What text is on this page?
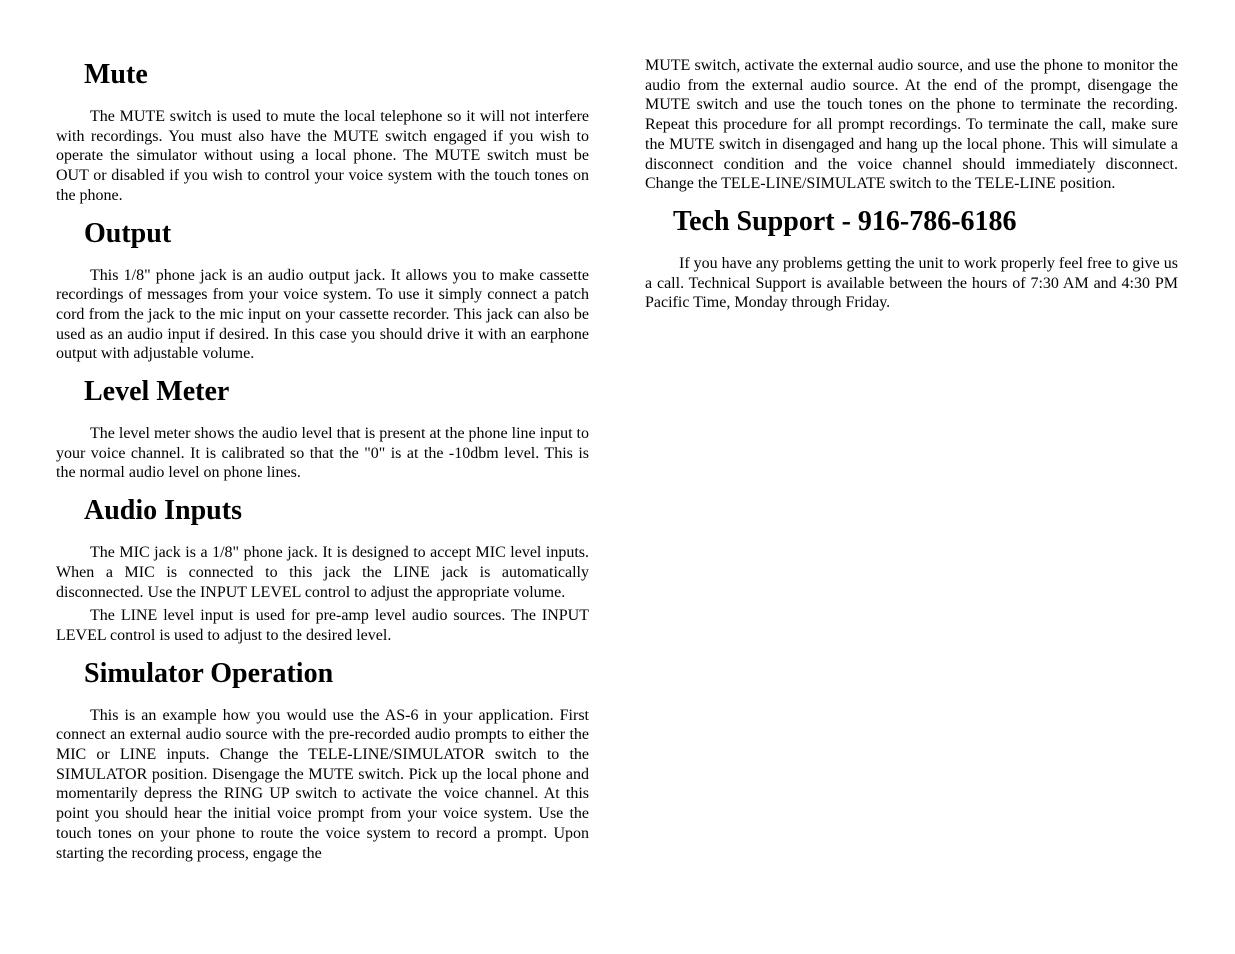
Mute

The MUTE switch is used to mute the local telephone so it will not interfere with recordings. You must also have the MUTE switch engaged if you wish to operate the simulator without using a local phone. The MUTE switch must be OUT or disabled if you wish to control your voice system with the touch tones on the phone.

Output

This 1/8" phone jack is an audio output jack. It allows you to make cassette recordings of messages from your voice system. To use it simply connect a patch cord from the jack to the mic input on your cassette recorder. This jack can also be used as an audio input if desired. In this case you should drive it with an earphone output with adjustable volume.

Level Meter

The level meter shows the audio level that is present at the phone line input to your voice channel. It is calibrated so that the "0" is at the -10dbm level. This is the normal audio level on phone lines.

Audio Inputs

The MIC jack is a 1/8" phone jack. It is designed to accept MIC level inputs. When a MIC is connected to this jack the LINE jack is automatically disconnected. Use the INPUT LEVEL control to adjust the appropriate volume.

The LINE level input is used for pre-amp level audio sources. The INPUT LEVEL control is used to adjust to the desired level.

Simulator Operation

This is an example how you would use the AS-6 in your application. First connect an external audio source with the pre-recorded audio prompts to either the MIC or LINE inputs. Change the TELE-LINE/SIMULATOR switch to the SIMULATOR position. Disengage the MUTE switch. Pick up the local phone and momentarily depress the RING UP switch to activate the voice channel. At this point you should hear the initial voice prompt from your voice system. Use the touch tones on your phone to route the voice system to record a prompt. Upon starting the recording process, engage the

MUTE switch, activate the external audio source, and use the phone to monitor the audio from the external audio source. At the end of the prompt, disengage the MUTE switch and use the touch tones on the phone to terminate the recording. Repeat this procedure for all prompt recordings. To terminate the call, make sure the MUTE switch in disengaged and hang up the local phone. This will simulate a disconnect condition and the voice channel should immediately disconnect. Change the TELE-LINE/SIMULATE switch to the TELE-LINE position.

Tech Support - 916-786-6186

If you have any problems getting the unit to work properly feel free to give us a call. Technical Support is available between the hours of 7:30 AM and 4:30 PM Pacific Time, Monday through Friday.
